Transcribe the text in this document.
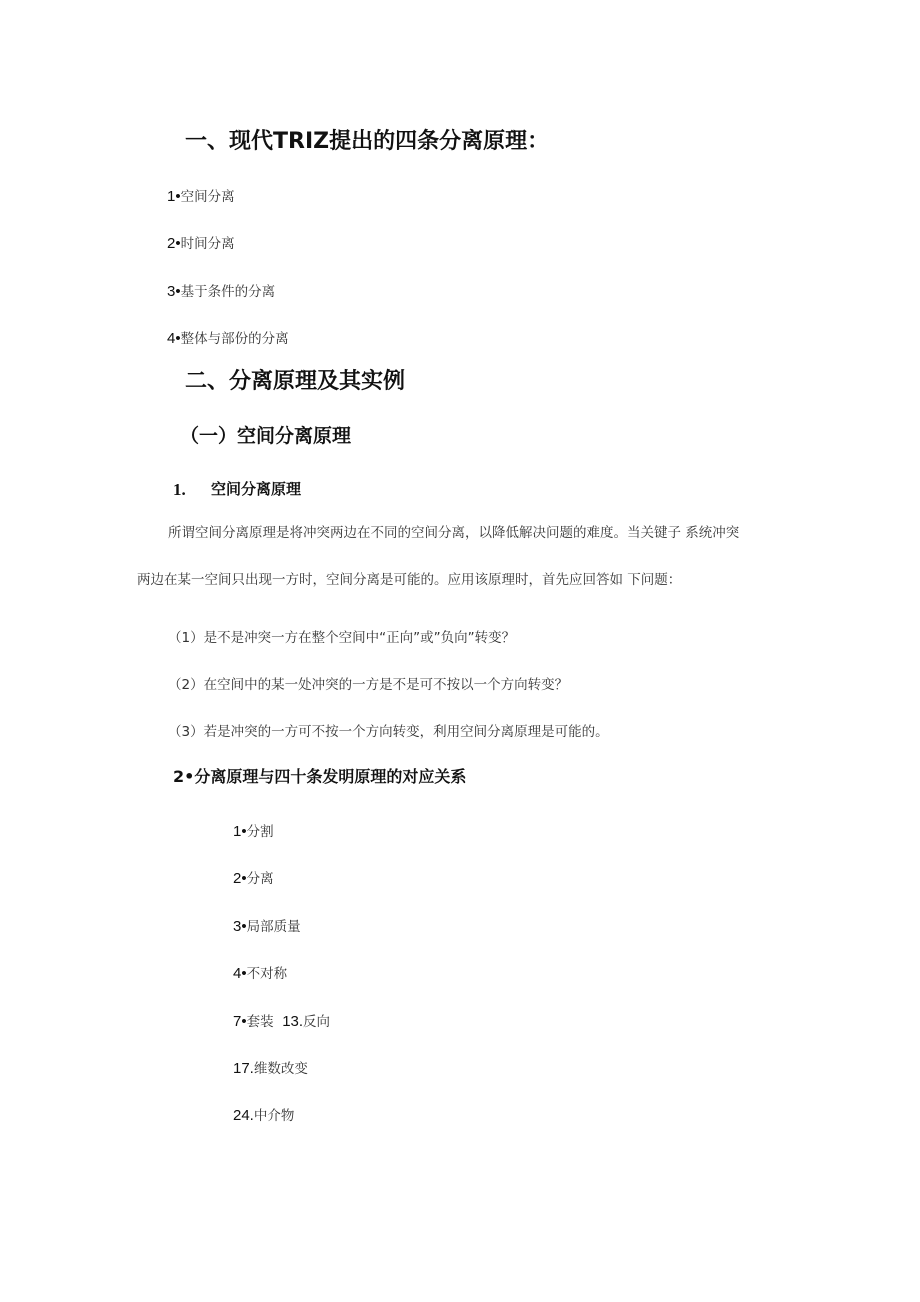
一、现代TRIZ提出的四条分离原理：
1•空间分离
2•时间分离
3•基于条件的分离
4•整体与部份的分离
二、分离原理及其实例
（一）空间分离原理
1. 空间分离原理
所谓空间分离原理是将冲突两边在不同的空间分离，以降低解决问题的难度。当关键子 系统冲突
两边在某一空间只出现一方时，空间分离是可能的。应用该原理时，首先应回答如 下问题：
（1）是不是冲突一方在整个空间中“正向”或”负向”转变？
（2）在空间中的某一处冲突的一方是不是可不按以一个方向转变？
（3）若是冲突的一方可不按一个方向转变，利用空间分离原理是可能的。
2•分离原理与四十条发明原理的对应关系
1•分割
2•分离
3•局部质量
4•不对称
7•套装  13.反向
17.维数改变
24.中介物
